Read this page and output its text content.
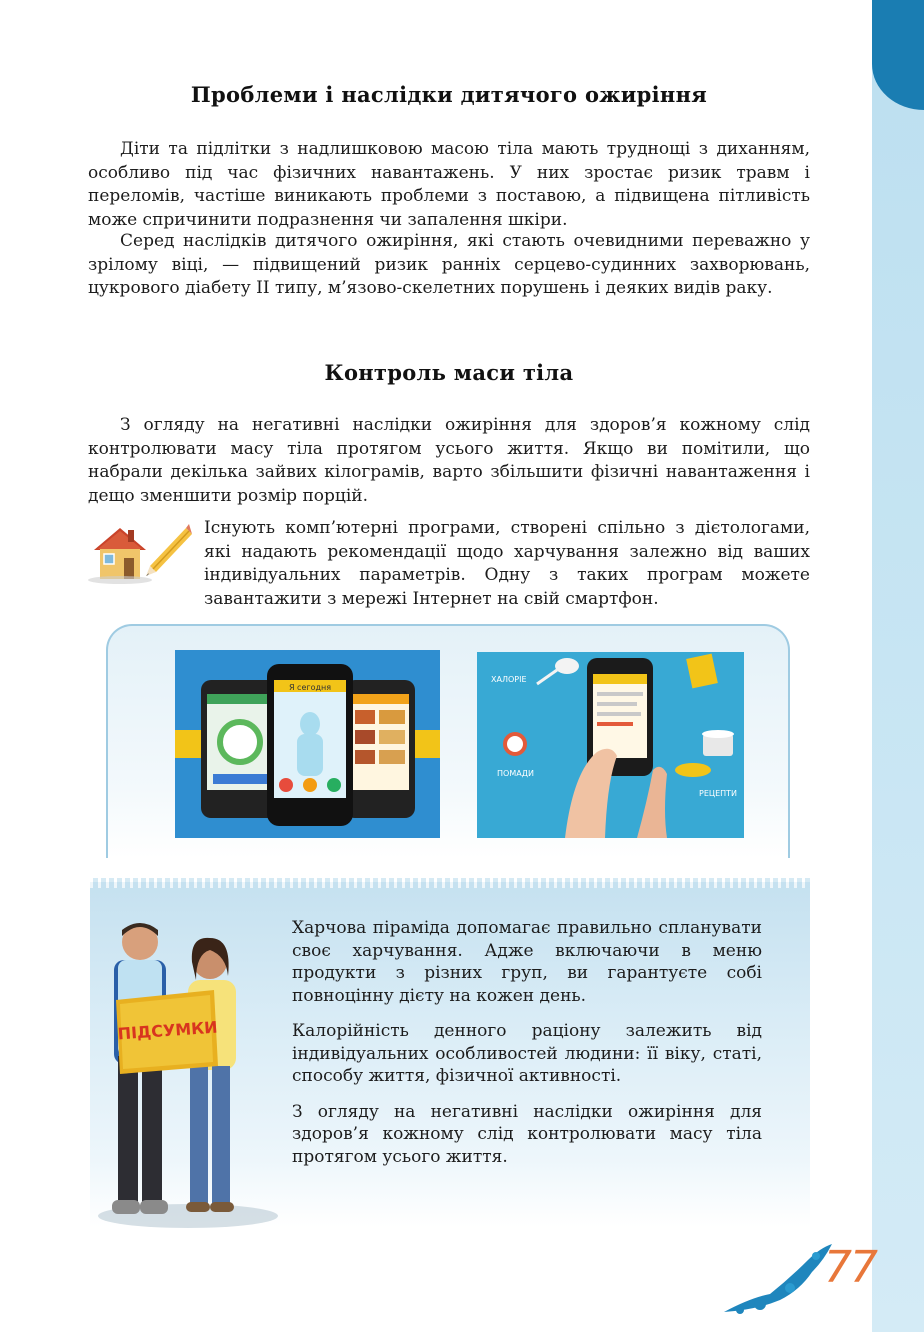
Проблеми і наслідки дитячого ожиріння

Діти та підлітки з надлишковою масою тіла мають труднощі з диханням, особливо під час фізичних навантажень. У них зростає ризик травм і переломів, частіше виникають проблеми з поставою, а підвищена пітливість може спричинити подразнення чи запалення шкіри.

Серед наслідків дитячого ожиріння, які стають очевидними переважно у зрілому віці, — підвищений ризик ранніх серцево-судинних захворювань, цукрового діабету II типу, м’язово-скелетних порушень і деяких видів раку.

Контроль маси тіла

З огляду на негативні наслідки ожиріння для здоров’я кожному слід контролювати масу тіла протягом усього життя. Якщо ви помітили, що набрали декілька зайвих кілограмів, варто збільшити фізичні навантаження і дещо зменшити розмір порцій.

Існують комп’ютерні програми, створені спільно з дієтологами, які надають рекомендації щодо харчування залежно від ваших індивідуальних параметрів. Одну з таких програм можете завантажити з мережі Інтернет на свій смартфон.

Я сегодня
ХАЛОРІЕ
ПОМАДИ
РЕЦЕПТИ
ПІДСУМКИ

Харчова піраміда допомагає правильно спланувати своє харчування. Адже включаючи в меню продукти з різних груп, ви гарантуєте собі повноцінну дієту на кожен день.

Калорійність денного раціону залежить від індивідуальних особливостей людини: її віку, статі, способу життя, фізичної активності.

З огляду на негативні наслідки ожиріння для здоров’я кожному слід контролювати масу тіла протягом усього життя.

77
